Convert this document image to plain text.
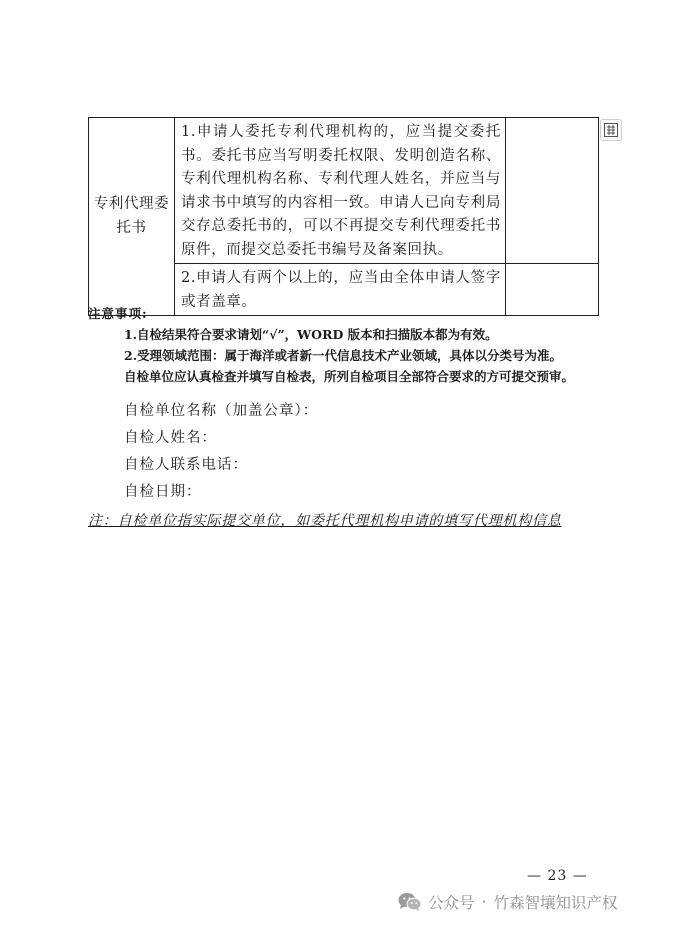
专利代理委托书	1.申请人委托专利代理机构的，应当提交委托书。委托书应当写明委托权限、发明创造名称、专利代理机构名称、专利代理人姓名，并应当与请求书中填写的内容相一致。申请人已向专利局交存总委托书的，可以不再提交专利代理委托书原件，而提交总委托书编号及备案回执。	
	2.申请人有两个以上的，应当由全体申请人签字或者盖章。	
注意事项:
1.自检结果符合要求请划“√”，WORD 版本和扫描版本都为有效。
2.受理领域范围：属于海洋或者新一代信息技术产业领域，具体以分类号为准。
自检单位应认真检查并填写自检表，所列自检项目全部符合要求的方可提交预审。
自检单位名称（加盖公章）：
自检人姓名：
自检人联系电话：
自检日期：
注：自检单位指实际提交单位，如委托代理机构申请的填写代理机构信息
— 23 —
公众号 · 竹森智壤知识产权
